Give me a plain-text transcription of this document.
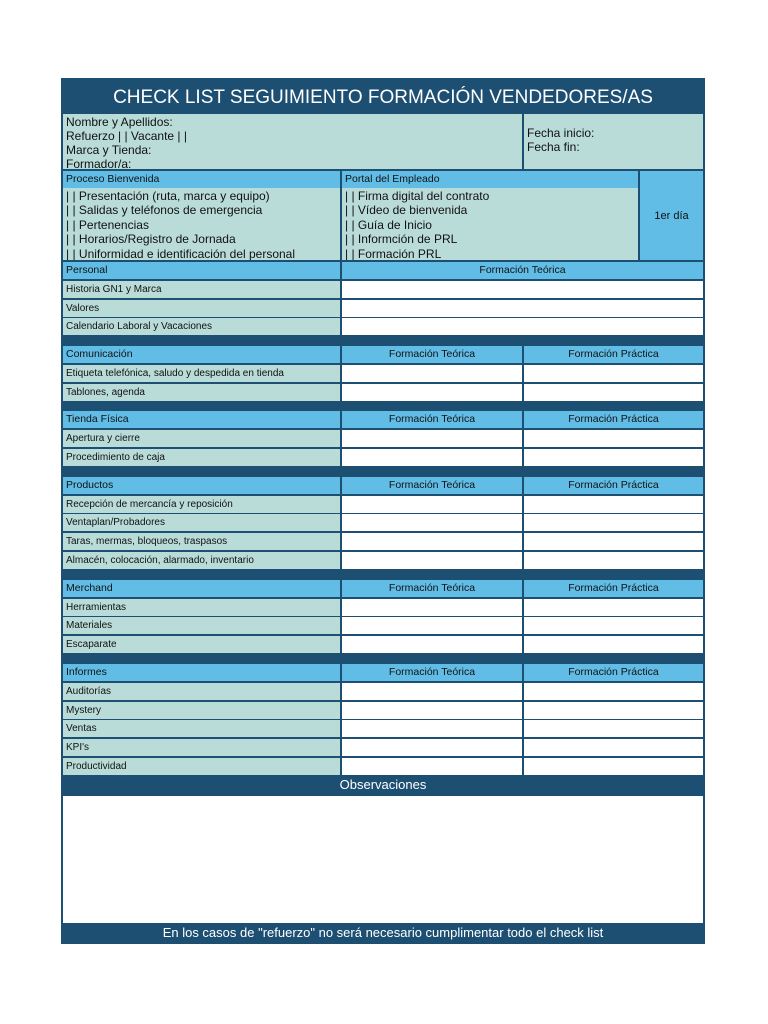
CHECK LIST SEGUIMIENTO FORMACIÓN VENDEDORES/AS
Nombre y Apellidos:
Refuerzo | | Vacante | |
Marca y Tienda:
Formador/a:
Fecha inicio:
Fecha fin:
Proceso Bienvenida	Portal del Empleado
1er día
| | Presentación (ruta, marca y equipo)
| | Salidas y teléfonos de emergencia
| | Pertenencias
| | Horarios/Registro de Jornada
| | Uniformidad e identificación del personal
| | Firma digital del contrato
| | Vídeo de bienvenida
| | Guía de Inicio
| | Informción de PRL
| | Formación PRL
Personal	Formación Teórica
Historia GN1 y Marca
Valores
Calendario Laboral y Vacaciones
Comunicación	Formación Teórica	Formación Práctica
Etiqueta telefónica, saludo y despedida en tienda
Tablones, agenda
Tienda Física	Formación Teórica	Formación Práctica
Apertura y cierre
Procedimiento de caja
Productos	Formación Teórica	Formación Práctica
Recepción de mercancía y reposición
Ventaplan/Probadores
Taras, mermas, bloqueos, traspasos
Almacén, colocación, alarmado, inventario
Merchand	Formación Teórica	Formación Práctica
Herramientas
Materiales
Escaparate
Informes	Formación Teórica	Formación Práctica
Auditorías
Mystery
Ventas
KPI's
Productividad
Observaciones
En los casos de "refuerzo" no será necesario cumplimentar todo el check list
